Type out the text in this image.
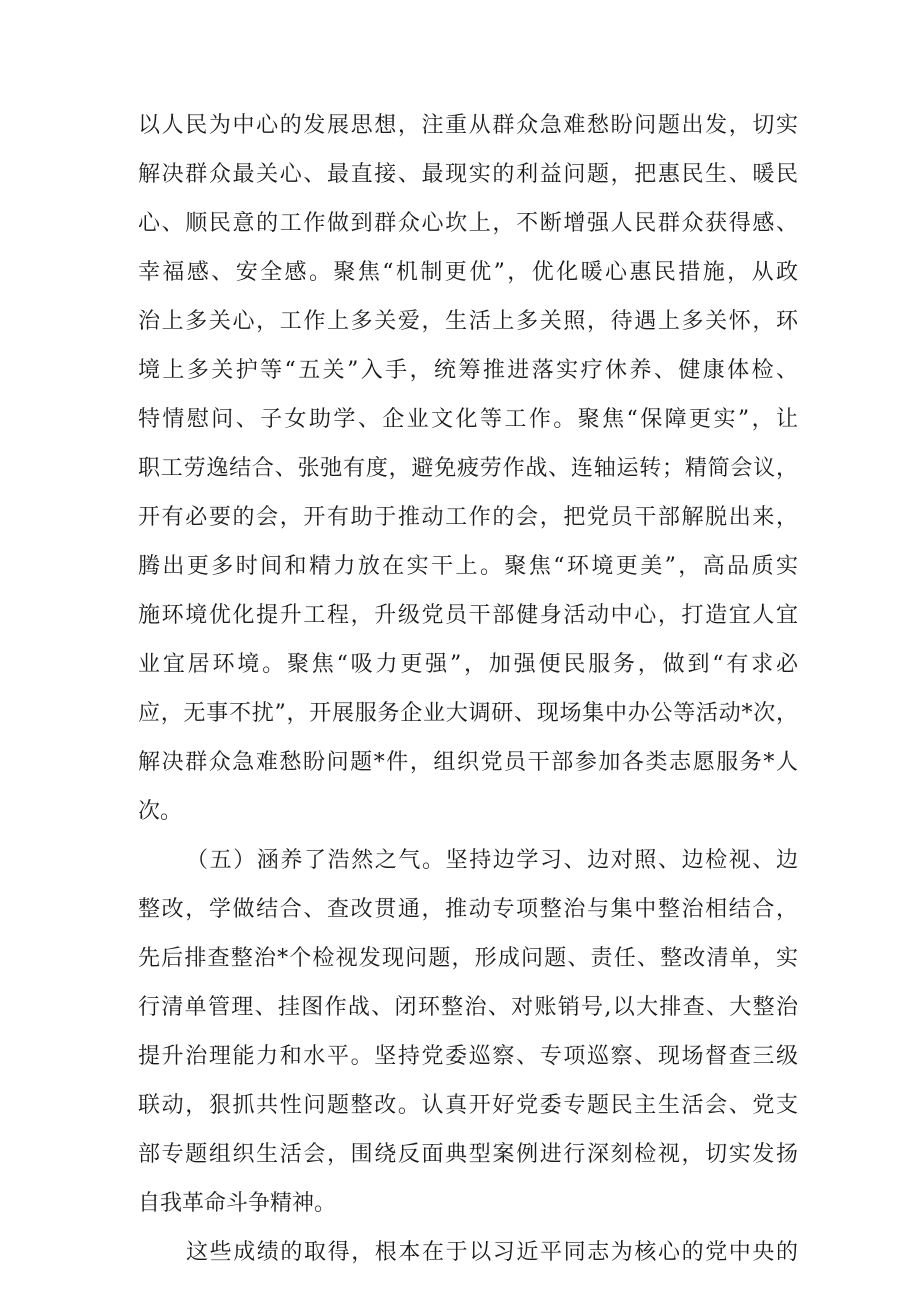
以人民为中心的发展思想，注重从群众急难愁盼问题出发，切实
解决群众最关心、最直接、最现实的利益问题，把惠民生、暖民
心、顺民意的工作做到群众心坎上，不断增强人民群众获得感、
幸福感、安全感。聚焦“机制更优”，优化暖心惠民措施，从政
治上多关心，工作上多关爱，生活上多关照，待遇上多关怀，环
境上多关护等“五关”入手，统筹推进落实疗休养、健康体检、
特情慰问、子女助学、企业文化等工作。聚焦“保障更实”，让
职工劳逸结合、张弛有度，避免疲劳作战、连轴运转；精简会议，
开有必要的会，开有助于推动工作的会，把党员干部解脱出来，
腾出更多时间和精力放在实干上。聚焦“环境更美”，高品质实
施环境优化提升工程，升级党员干部健身活动中心，打造宜人宜
业宜居环境。聚焦“吸力更强”，加强便民服务，做到“有求必
应，无事不扰”，开展服务企业大调研、现场集中办公等活动*次，
解决群众急难愁盼问题*件，组织党员干部参加各类志愿服务*人
次。
（五）涵养了浩然之气。坚持边学习、边对照、边检视、边
整改，学做结合、查改贯通，推动专项整治与集中整治相结合，
先后排查整治*个检视发现问题，形成问题、责任、整改清单，实
行清单管理、挂图作战、闭环整治、对账销号,以大排查、大整治
提升治理能力和水平。坚持党委巡察、专项巡察、现场督查三级
联动，狠抓共性问题整改。认真开好党委专题民主生活会、党支
部专题组织生活会，围绕反面典型案例进行深刻检视，切实发扬
自我革命斗争精神。
这些成绩的取得，根本在于以习近平同志为核心的党中央的
